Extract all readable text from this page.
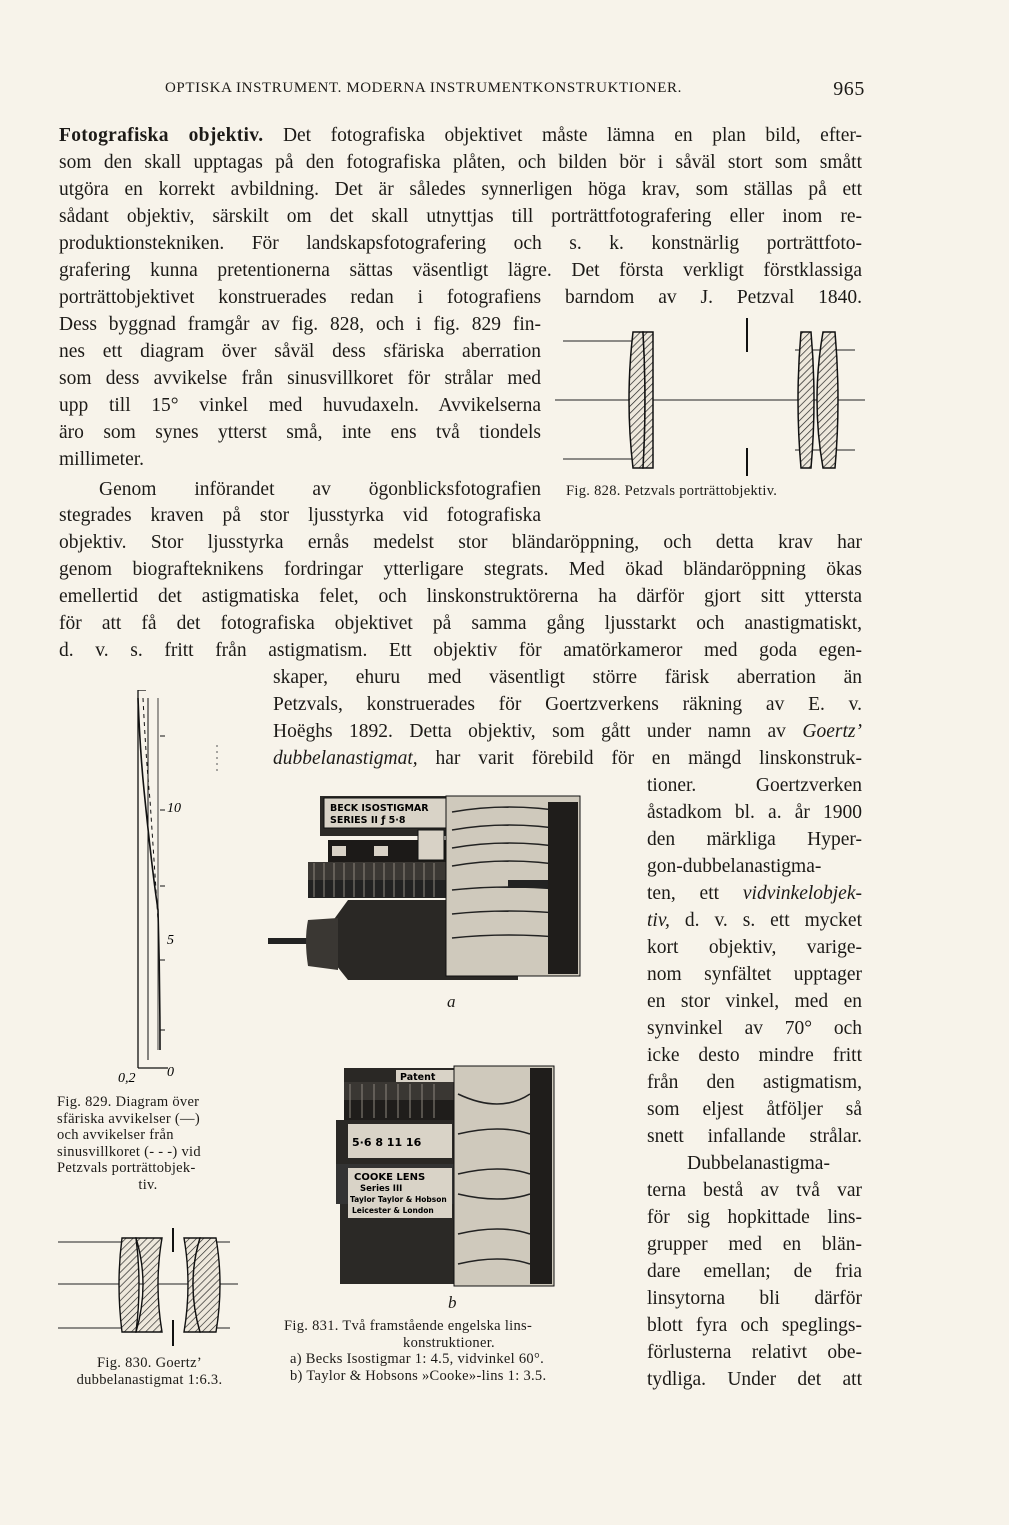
OPTISKA INSTRUMENT. MODERNA INSTRUMENTKONSTRUKTIONER.	965
Fotografiska objektiv. Det fotografiska objektivet måste lämna en plan bild, efter-
som den skall upptagas på den fotografiska plåten, och bilden bör i såväl stort som smått
utgöra en korrekt avbildning. Det är således synnerligen höga krav, som ställas på ett
sådant objektiv, särskilt om det skall utnyttjas till porträttfotografering eller inom re-
produktionstekniken. För landskapsfotografering och s. k. konstnärlig porträttfoto-
grafering kunna pretentionerna sättas väsentligt lägre. Det första verkligt förstklassiga
porträttobjektivet konstruerades redan i fotografiens barndom av J. Petzval 1840.
Dess byggnad framgår av fig. 828, och i fig. 829 fin-
nes ett diagram över såväl dess sfäriska aberration
som dess avvikelse från sinusvillkoret för strålar med
upp till 15° vinkel med huvudaxeln. Avvikelserna
äro som synes ytterst små, inte ens två tiondels
millimeter.
Genom införandet av ögonblicksfotografien
stegrades kraven på stor ljusstyrka vid fotografiska
objektiv. Stor ljusstyrka ernås medelst stor bländaröppning, och detta krav har
genom biografteknikens fordringar ytterligare stegrats. Med ökad bländaröppning ökas
emellertid det astigmatiska felet, och linskonstruktörerna ha därför gjort sitt yttersta
för att få det fotografiska objektivet på samma gång ljusstarkt och anastigmatiskt,
d. v. s. fritt från astigmatism. Ett objektiv för amatörkameror med goda egen-
skaper, ehuru med väsentligt större färisk aberration än
Petzvals, konstruerades för Goertzverkens räkning av E. v.
Hoëghs 1892. Detta objektiv, som gått under namn av Goertz’
dubbelanastigmat, har varit förebild för en mängd linskonstruk-
tioner. Goertzverken
åstadkom bl. a. år 1900
den märkliga Hyper-
gon-dubbelanastigma-
ten, ett vidvinkelobjek-
tiv, d. v. s. ett mycket
kort objektiv, varige-
nom synfältet upptager
en stor vinkel, med en
synvinkel av 70° och
icke desto mindre fritt
från den astigmatism,
som eljest åtföljer så
snett infallande strålar.
Dubbelanastigma-
terna bestå av två var
för sig hopkittade lins-
grupper med en blän-
dare emellan; de fria
linsytorna bli därför
blott fyra och speglings-
förlusterna relativt obe-
tydliga. Under det att
Fig. 828. Petzvals porträttobjektiv.
10
5
0
0,2
Fig. 829. Diagram över
sfäriska avvikelser (—)
och avvikelser från
sinusvillkoret (- - -) vid
Petzvals porträttobjek-
tiv.
Fig. 830. Goertz’
dubbelanastigmat 1:6.3.
BECK ISOSTIGMAR
SERIES II ƒ 5·8
a
5·6 8 11 16
COOKE LENS
Series III
Taylor Taylor & Hobson
Leicester & London
Patent
b
Fig. 831. Två framstående engelska lins-
konstruktioner.
a) Becks Isostigmar 1: 4.5, vidvinkel 60°.
b) Taylor & Hobsons »Cooke»-lins 1: 3.5.
